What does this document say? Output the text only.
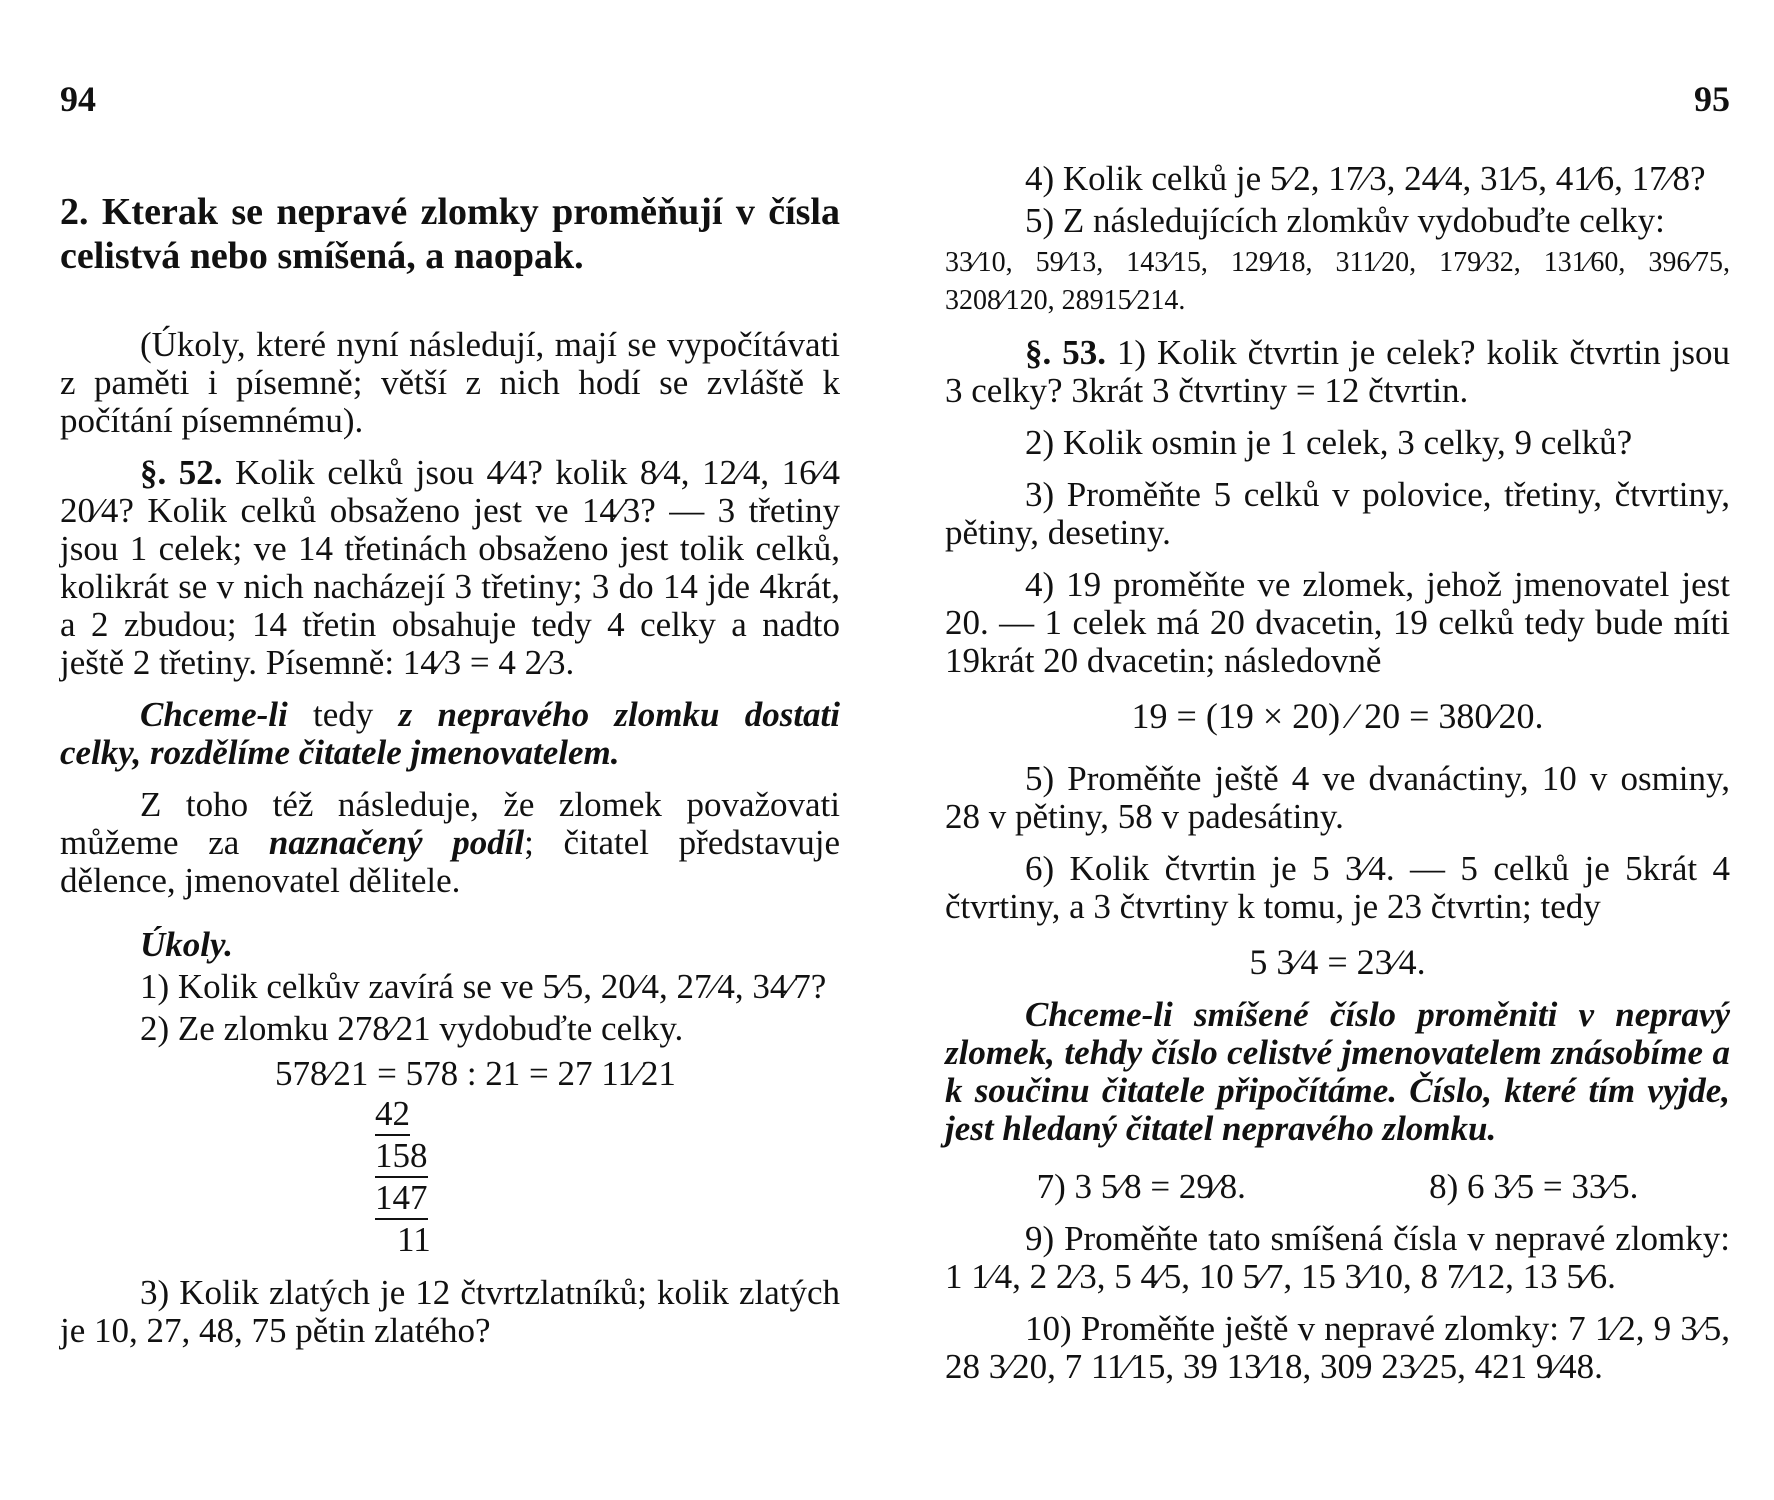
94

2. Kterak se nepravé zlomky proměňují v čísla celistvá nebo smíšená, a naopak.

(Úkoly, které nyní následují, mají se vypočítávati z paměti i písemně; větší z nich hodí se zvláště k počítání písemnému).

§. 52. Kolik celků jsou 4⁄4? kolik 8⁄4, 12⁄4, 16⁄4 20⁄4? Kolik celků obsaženo jest ve 14⁄3? — 3 třetiny jsou 1 celek; ve 14 třetinách obsaženo jest tolik celků, kolikrát se v nich nacházejí 3 třetiny; 3 do 14 jde 4krát, a 2 zbudou; 14 třetin obsahuje tedy 4 celky a nadto ještě 2 třetiny. Písemně: 14⁄3 = 4 2⁄3.

Chceme-li tedy z nepravého zlomku dostati celky, rozdělíme čitatele jmenovatelem.

Z toho též následuje, že zlomek považovati můžeme za naznačený podíl; čitatel představuje dělence, jmenovatel dělitele.

Úkoly.

1) Kolik celkův zavírá se ve 5⁄5, 20⁄4, 27⁄4, 34⁄7?

2) Ze zlomku 278⁄21 vydobuďte celky.

578⁄21 = 578 : 21 = 27 11⁄21
42
158
147
11

3) Kolik zlatých je 12 čtvrtzlatníků; kolik zlatých je 10, 27, 48, 75 pětin zlatého?

95

4) Kolik celků je 5⁄2, 17⁄3, 24⁄4, 31⁄5, 41⁄6, 17⁄8?

5) Z následujících zlomkův vydobuďte celky:

33⁄10, 59⁄13, 143⁄15, 129⁄18, 311⁄20, 179⁄32, 131⁄60, 396⁄75, 3208⁄120, 28915⁄214.

§. 53. 1) Kolik čtvrtin je celek? kolik čtvrtin jsou 3 celky? 3krát 3 čtvrtiny = 12 čtvrtin.

2) Kolik osmin je 1 celek, 3 celky, 9 celků?

3) Proměňte 5 celků v polovice, třetiny, čtvrtiny, pětiny, desetiny.

4) 19 proměňte ve zlomek, jehož jmenovatel jest 20. — 1 celek má 20 dvacetin, 19 celků tedy bude míti 19krát 20 dvacetin; následovně

19 = (19 × 20) ⁄ 20 = 380⁄20.

5) Proměňte ještě 4 ve dvanáctiny, 10 v osminy, 28 v pětiny, 58 v padesátiny.

6) Kolik čtvrtin je 5 3⁄4. — 5 celků je 5krát 4 čtvrtiny, a 3 čtvrtiny k tomu, je 23 čtvrtin; tedy

5 3⁄4 = 23⁄4.

Chceme-li smíšené číslo proměniti v nepravý zlomek, tehdy číslo celistvé jmenovatelem znásobíme a k součinu čitatele připočítáme. Číslo, které tím vyjde, jest hledaný čitatel nepravého zlomku.

7) 3 5⁄8 = 29⁄8.	8) 6 3⁄5 = 33⁄5.

9) Proměňte tato smíšená čísla v nepravé zlomky: 1 1⁄4, 2 2⁄3, 5 4⁄5, 10 5⁄7, 15 3⁄10, 8 7⁄12, 13 5⁄6.

10) Proměňte ještě v nepravé zlomky: 7 1⁄2, 9 3⁄5, 28 3⁄20, 7 11⁄15, 39 13⁄18, 309 23⁄25, 421 9⁄48.
